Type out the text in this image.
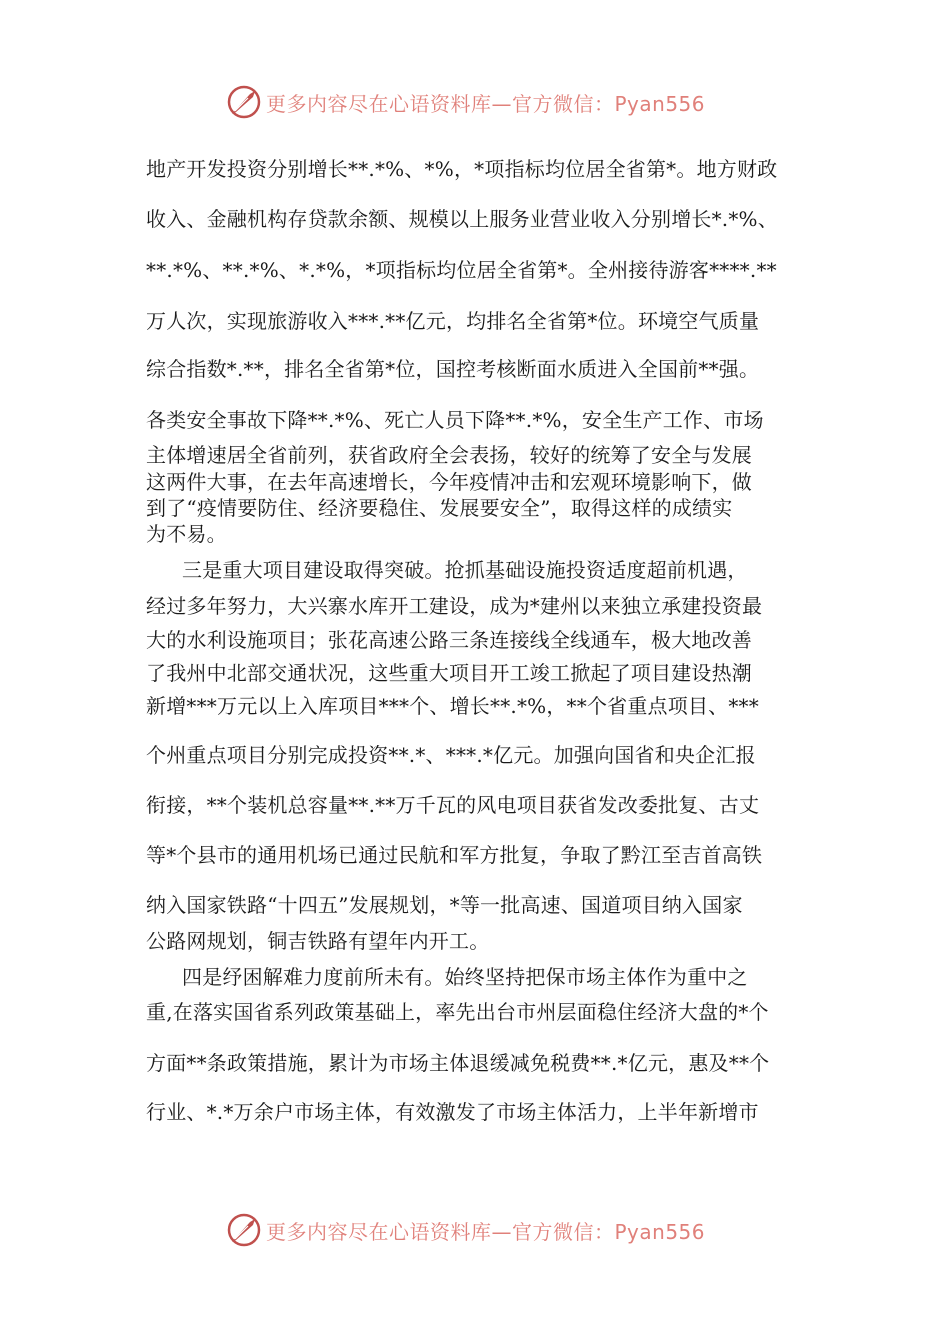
更多内容尽在心语资料库—官方微信：Pyan556
地产开发投资分别增长**.*%、*%，*项指标均位居全省第*。地方财政
收入、金融机构存贷款余额、规模以上服务业营业收入分别增长*.*%、
**.*%、**.*%、*.*%，*项指标均位居全省第*。全州接待游客****.**
万人次，实现旅游收入***.**亿元，均排名全省第*位。环境空气质量
综合指数*.**，排名全省第*位，国控考核断面水质进入全国前**强。
各类安全事故下降**.*%、死亡人员下降**.*%，安全生产工作、市场
主体增速居全省前列，获省政府全会表扬，较好的统筹了安全与发展
这两件大事，在去年高速增长，今年疫情冲击和宏观环境影响下，做
到了“疫情要防住、经济要稳住、发展要安全”，取得这样的成绩实
为不易。
三是重大项目建设取得突破。抢抓基础设施投资适度超前机遇，
经过多年努力，大兴寨水库开工建设，成为*建州以来独立承建投资最
大的水利设施项目；张花高速公路三条连接线全线通车，极大地改善
了我州中北部交通状况，这些重大项目开工竣工掀起了项目建设热潮
新增***万元以上入库项目***个、增长**.*%，**个省重点项目、***
个州重点项目分别完成投资**.*、***.*亿元。加强向国省和央企汇报
衔接，**个装机总容量**.**万千瓦的风电项目获省发改委批复、古丈
等*个县市的通用机场已通过民航和军方批复，争取了黔江至吉首高铁
纳入国家铁路“十四五”发展规划，*等一批高速、国道项目纳入国家
公路网规划，铜吉铁路有望年内开工。
四是纾困解难力度前所未有。始终坚持把保市场主体作为重中之
重,在落实国省系列政策基础上，率先出台市州层面稳住经济大盘的*个
方面**条政策措施，累计为市场主体退缓减免税费**.*亿元，惠及**个
行业、*.*万余户市场主体，有效激发了市场主体活力，上半年新增市
更多内容尽在心语资料库—官方微信：Pyan556
